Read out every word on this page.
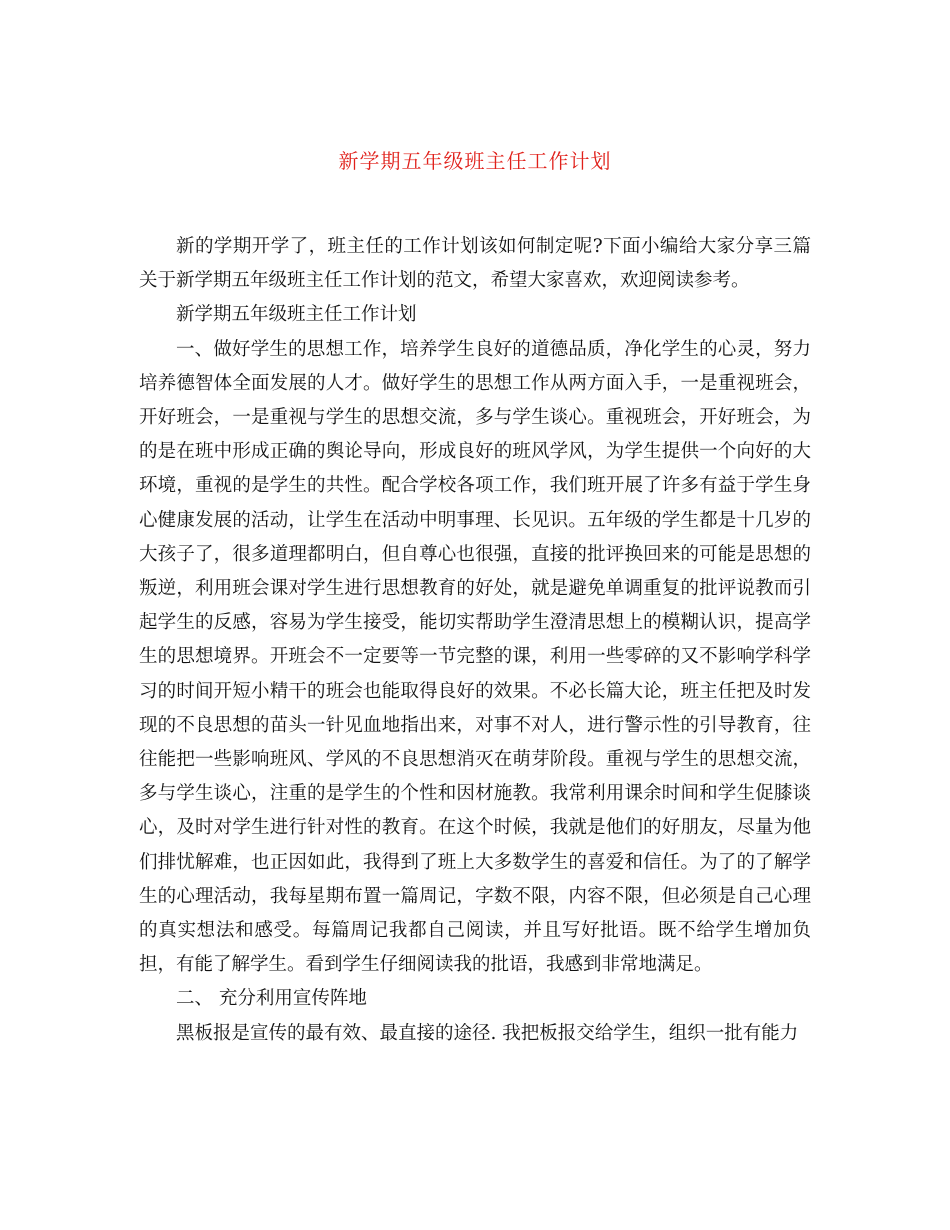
新学期五年级班主任工作计划

新的学期开学了，班主任的工作计划该如何制定呢?下面小编给大家分享三篇关于新学期五年级班主任工作计划的范文，希望大家喜欢，欢迎阅读参考。

新学期五年级班主任工作计划

一、做好学生的思想工作，培养学生良好的道德品质，净化学生的心灵，努力培养德智体全面发展的人才。做好学生的思想工作从两方面入手，一是重视班会，开好班会，一是重视与学生的思想交流，多与学生谈心。重视班会，开好班会，为的是在班中形成正确的舆论导向，形成良好的班风学风，为学生提供一个向好的大环境，重视的是学生的共性。配合学校各项工作，我们班开展了许多有益于学生身心健康发展的活动，让学生在活动中明事理、长见识。五年级的学生都是十几岁的大孩子了，很多道理都明白，但自尊心也很强，直接的批评换回来的可能是思想的叛逆，利用班会课对学生进行思想教育的好处，就是避免单调重复的批评说教而引起学生的反感，容易为学生接受，能切实帮助学生澄清思想上的模糊认识，提高学生的思想境界。开班会不一定要等一节完整的课，利用一些零碎的又不影响学科学习的时间开短小精干的班会也能取得良好的效果。不必长篇大论，班主任把及时发现的不良思想的苗头一针见血地指出来，对事不对人，进行警示性的引导教育，往往能把一些影响班风、学风的不良思想消灭在萌芽阶段。重视与学生的思想交流，多与学生谈心，注重的是学生的个性和因材施教。我常利用课余时间和学生促膝谈心，及时对学生进行针对性的教育。在这个时候，我就是他们的好朋友，尽量为他们排忧解难，也正因如此，我得到了班上大多数学生的喜爱和信任。为了的了解学生的心理活动，我每星期布置一篇周记，字数不限，内容不限，但必须是自己心理的真实想法和感受。每篇周记我都自己阅读，并且写好批语。既不给学生增加负担，有能了解学生。看到学生仔细阅读我的批语，我感到非常地满足。

二、 充分利用宣传阵地

黑板报是宣传的最有效、最直接的途径. 我把板报交给学生，组织一批有能力
